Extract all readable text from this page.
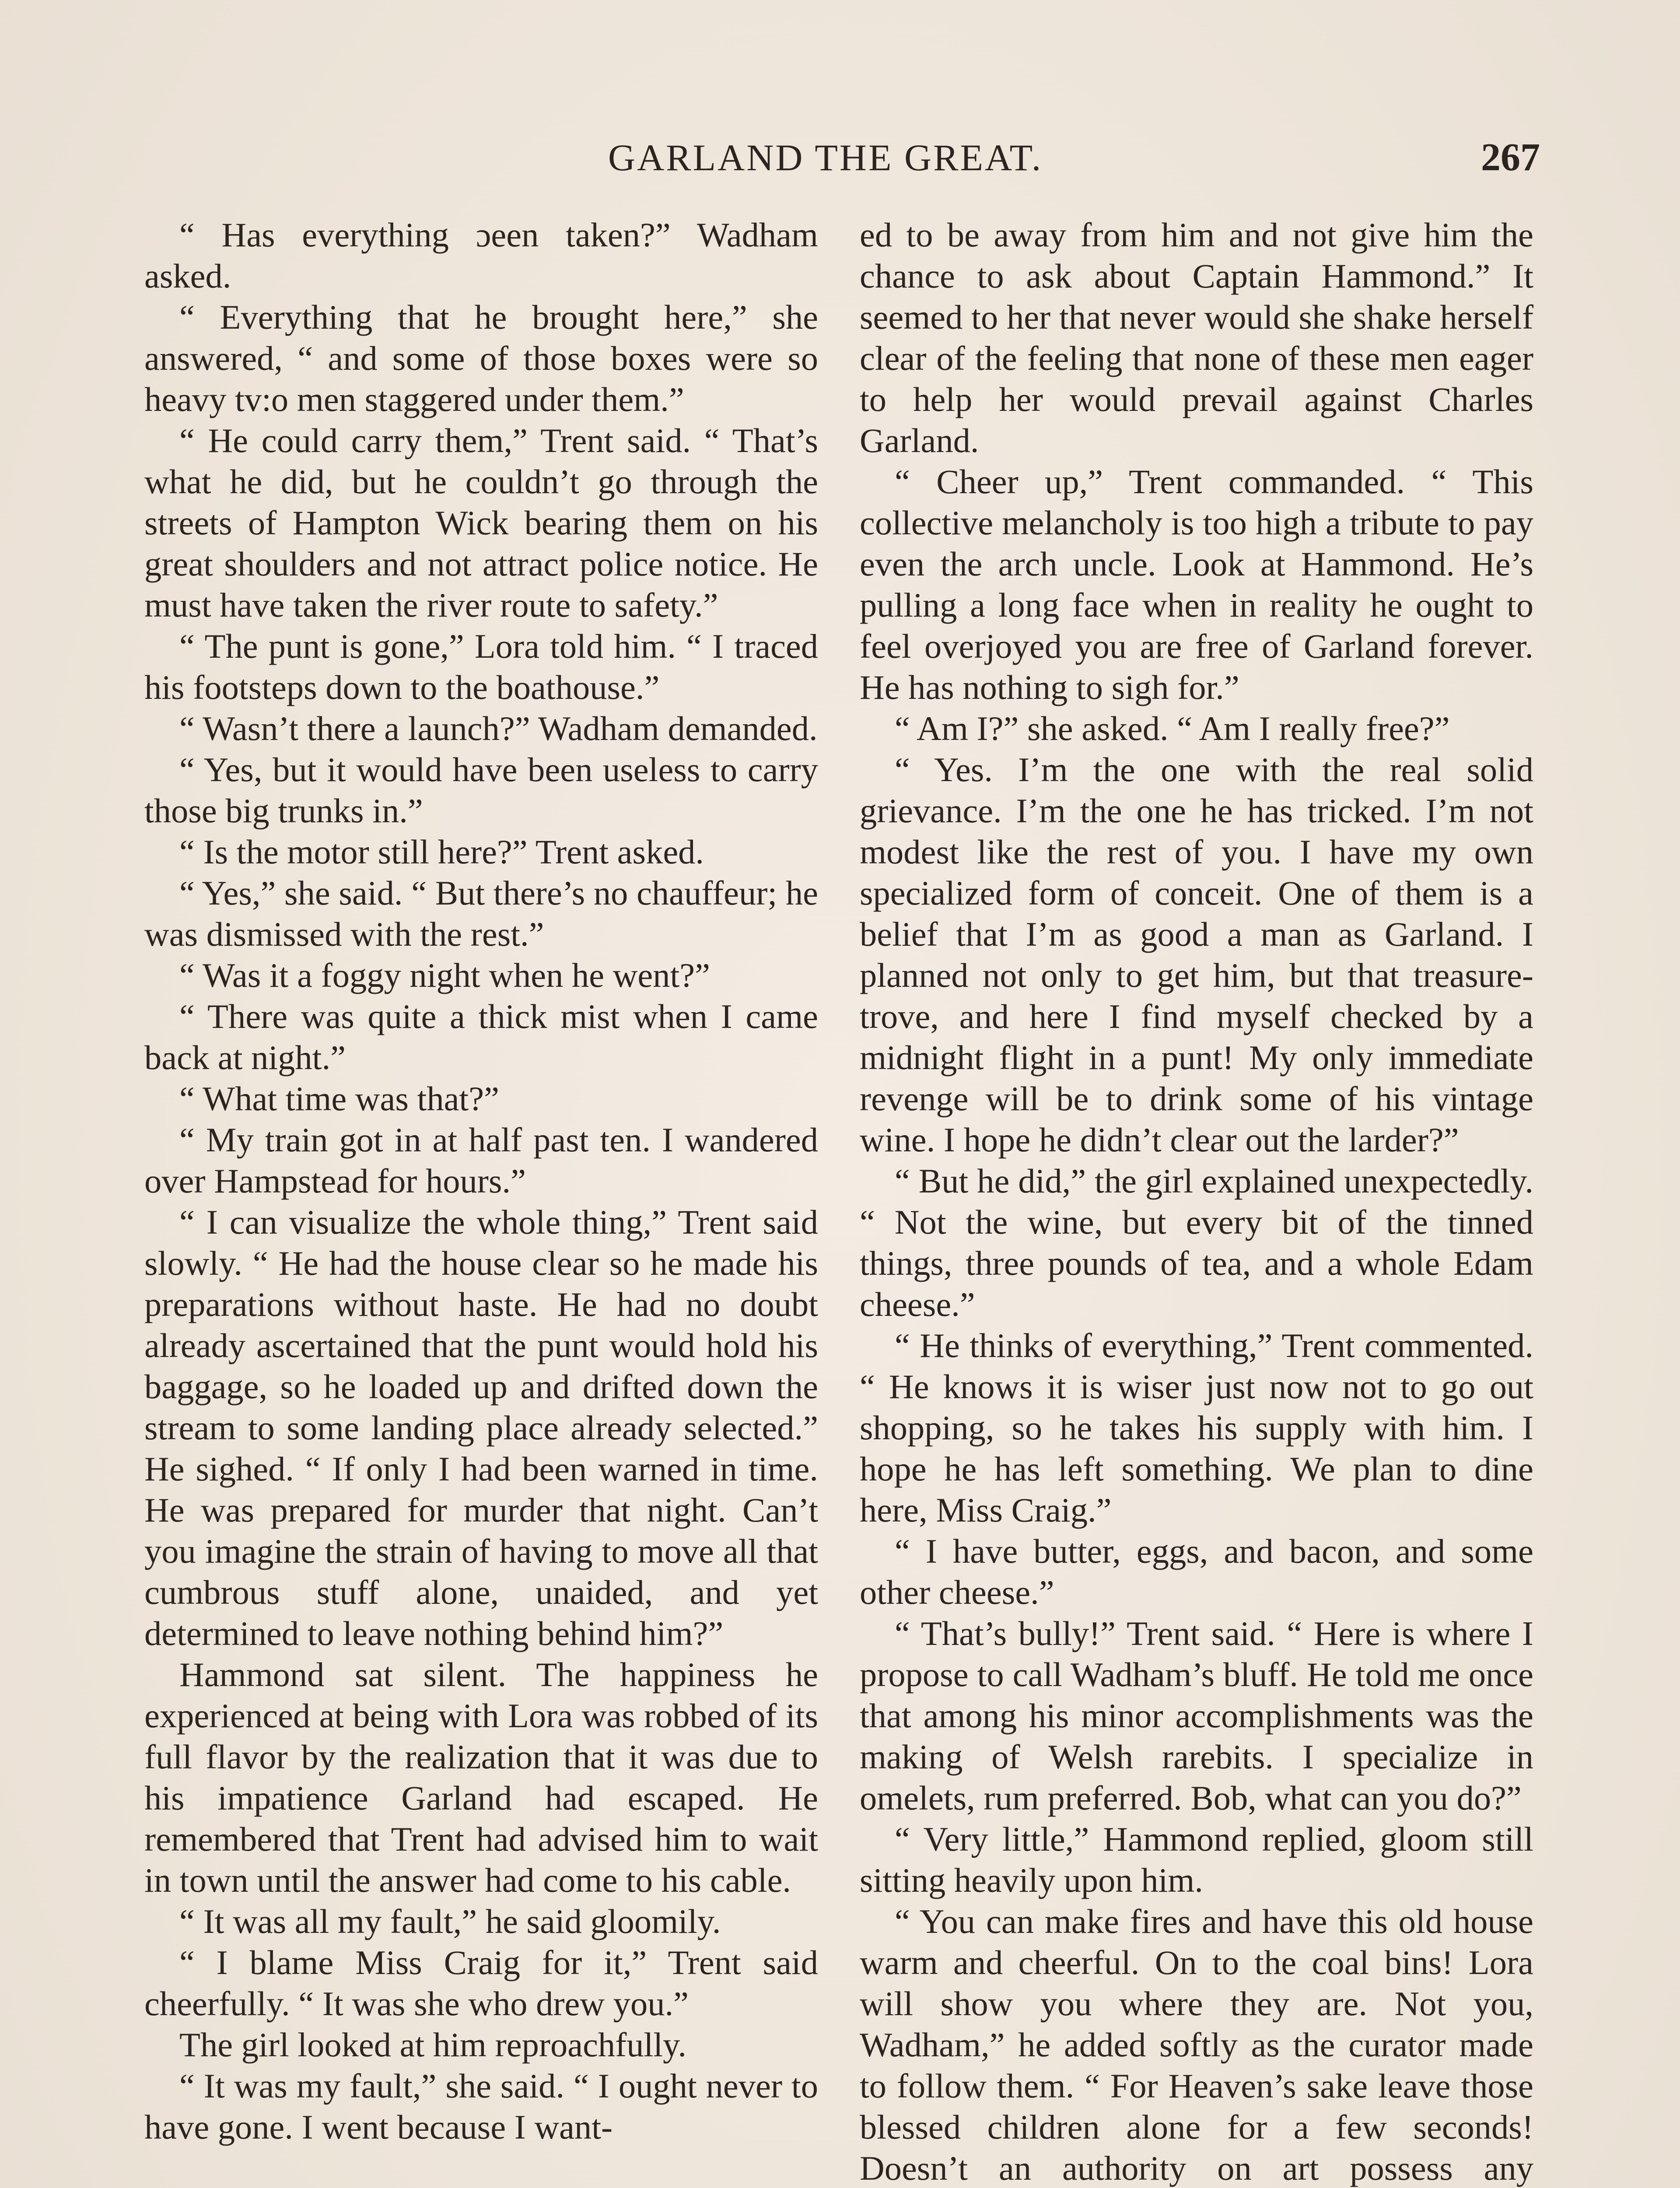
GARLAND THE GREAT.	267

“ Has everything ɔeen taken?” Wadham asked.

“ Everything that he brought here,” she answered, “ and some of those boxes were so heavy tv:o men staggered under them.”

“ He could carry them,” Trent said. “ That’s what he did, but he couldn’t go through the streets of Hampton Wick bearing them on his great shoulders and not attract police notice. He must have taken the river route to safety.”

“ The punt is gone,” Lora told him. “ I traced his footsteps down to the boathouse.”

“ Wasn’t there a launch?” Wadham demanded.

“ Yes, but it would have been useless to carry those big trunks in.”

“ Is the motor still here?” Trent asked.

“ Yes,” she said. “ But there’s no chauffeur; he was dismissed with the rest.”

“ Was it a foggy night when he went?”

“ There was quite a thick mist when I came back at night.”

“ What time was that?”

“ My train got in at half past ten. I wandered over Hampstead for hours.”

“ I can visualize the whole thing,” Trent said slowly. “ He had the house clear so he made his preparations without haste. He had no doubt already ascertained that the punt would hold his baggage, so he loaded up and drifted down the stream to some landing place already selected.” He sighed. “ If only I had been warned in time. He was prepared for murder that night. Can’t you imagine the strain of having to move all that cumbrous stuff alone, unaided, and yet determined to leave nothing behind him?”

Hammond sat silent. The happiness he experienced at being with Lora was robbed of its full flavor by the realization that it was due to his impatience Garland had escaped. He remembered that Trent had advised him to wait in town until the answer had come to his cable.

“ It was all my fault,” he said gloomily.

“ I blame Miss Craig for it,” Trent said cheerfully. “ It was she who drew you.”

The girl looked at him reproachfully.

“ It was my fault,” she said. “ I ought never to have gone. I went because I want-

ed to be away from him and not give him the chance to ask about Captain Hammond.” It seemed to her that never would she shake herself clear of the feeling that none of these men eager to help her would prevail against Charles Garland.

“ Cheer up,” Trent commanded. “ This collective melancholy is too high a tribute to pay even the arch uncle. Look at Hammond. He’s pulling a long face when in reality he ought to feel overjoyed you are free of Garland forever. He has nothing to sigh for.”

“ Am I?” she asked. “ Am I really free?”

“ Yes. I’m the one with the real solid grievance. I’m the one he has tricked. I’m not modest like the rest of you. I have my own specialized form of conceit. One of them is a belief that I’m as good a man as Garland. I planned not only to get him, but that treasure-trove, and here I find myself checked by a midnight flight in a punt! My only immediate revenge will be to drink some of his vintage wine. I hope he didn’t clear out the larder?”

“ But he did,” the girl explained unexpectedly. “ Not the wine, but every bit of the tinned things, three pounds of tea, and a whole Edam cheese.”

“ He thinks of everything,” Trent commented. “ He knows it is wiser just now not to go out shopping, so he takes his supply with him. I hope he has left something. We plan to dine here, Miss Craig.”

“ I have butter, eggs, and bacon, and some other cheese.”

“ That’s bully!” Trent said. “ Here is where I propose to call Wadham’s bluff. He told me once that among his minor accomplishments was the making of Welsh rarebits. I specialize in omelets, rum preferred. Bob, what can you do?”

“ Very little,” Hammond replied, gloom still sitting heavily upon him.

“ You can make fires and have this old house warm and cheerful. On to the coal bins! Lora will show you where they are. Not you, Wadham,” he added softly as the curator made to follow them. “ For Heaven’s sake leave those blessed children alone for a few seconds! Doesn’t an authority on art possess any
